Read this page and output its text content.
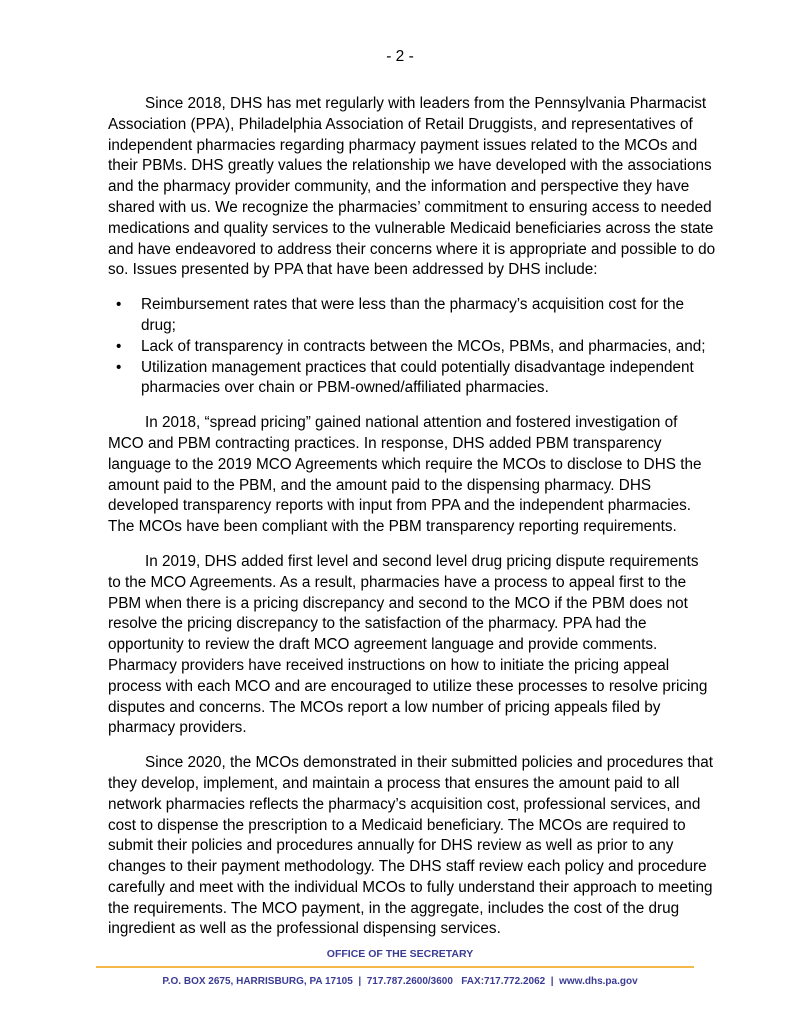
- 2 -

Since 2018, DHS has met regularly with leaders from the Pennsylvania Pharmacist
Association (PPA), Philadelphia Association of Retail Druggists, and representatives of
independent pharmacies regarding pharmacy payment issues related to the MCOs and
their PBMs. DHS greatly values the relationship we have developed with the associations
and the pharmacy provider community, and the information and perspective they have
shared with us. We recognize the pharmacies’ commitment to ensuring access to needed
medications and quality services to the vulnerable Medicaid beneficiaries across the state
and have endeavored to address their concerns where it is appropriate and possible to do
so. Issues presented by PPA that have been addressed by DHS include:

• Reimbursement rates that were less than the pharmacy’s acquisition cost for the
drug;
• Lack of transparency in contracts between the MCOs, PBMs, and pharmacies, and;
• Utilization management practices that could potentially disadvantage independent
pharmacies over chain or PBM-owned/affiliated pharmacies.

In 2018, “spread pricing” gained national attention and fostered investigation of
MCO and PBM contracting practices. In response, DHS added PBM transparency
language to the 2019 MCO Agreements which require the MCOs to disclose to DHS the
amount paid to the PBM, and the amount paid to the dispensing pharmacy. DHS
developed transparency reports with input from PPA and the independent pharmacies.
The MCOs have been compliant with the PBM transparency reporting requirements.

In 2019, DHS added first level and second level drug pricing dispute requirements
to the MCO Agreements. As a result, pharmacies have a process to appeal first to the
PBM when there is a pricing discrepancy and second to the MCO if the PBM does not
resolve the pricing discrepancy to the satisfaction of the pharmacy. PPA had the
opportunity to review the draft MCO agreement language and provide comments.
Pharmacy providers have received instructions on how to initiate the pricing appeal
process with each MCO and are encouraged to utilize these processes to resolve pricing
disputes and concerns. The MCOs report a low number of pricing appeals filed by
pharmacy providers.

Since 2020, the MCOs demonstrated in their submitted policies and procedures that
they develop, implement, and maintain a process that ensures the amount paid to all
network pharmacies reflects the pharmacy’s acquisition cost, professional services, and
cost to dispense the prescription to a Medicaid beneficiary. The MCOs are required to
submit their policies and procedures annually for DHS review as well as prior to any
changes to their payment methodology. The DHS staff review each policy and procedure
carefully and meet with the individual MCOs to fully understand their approach to meeting
the requirements. The MCO payment, in the aggregate, includes the cost of the drug
ingredient as well as the professional dispensing services.

OFFICE OF THE SECRETARY
P.O. BOX 2675, HARRISBURG, PA 17105  |  717.787.2600/3600   FAX:717.772.2062  |  www.dhs.pa.gov
